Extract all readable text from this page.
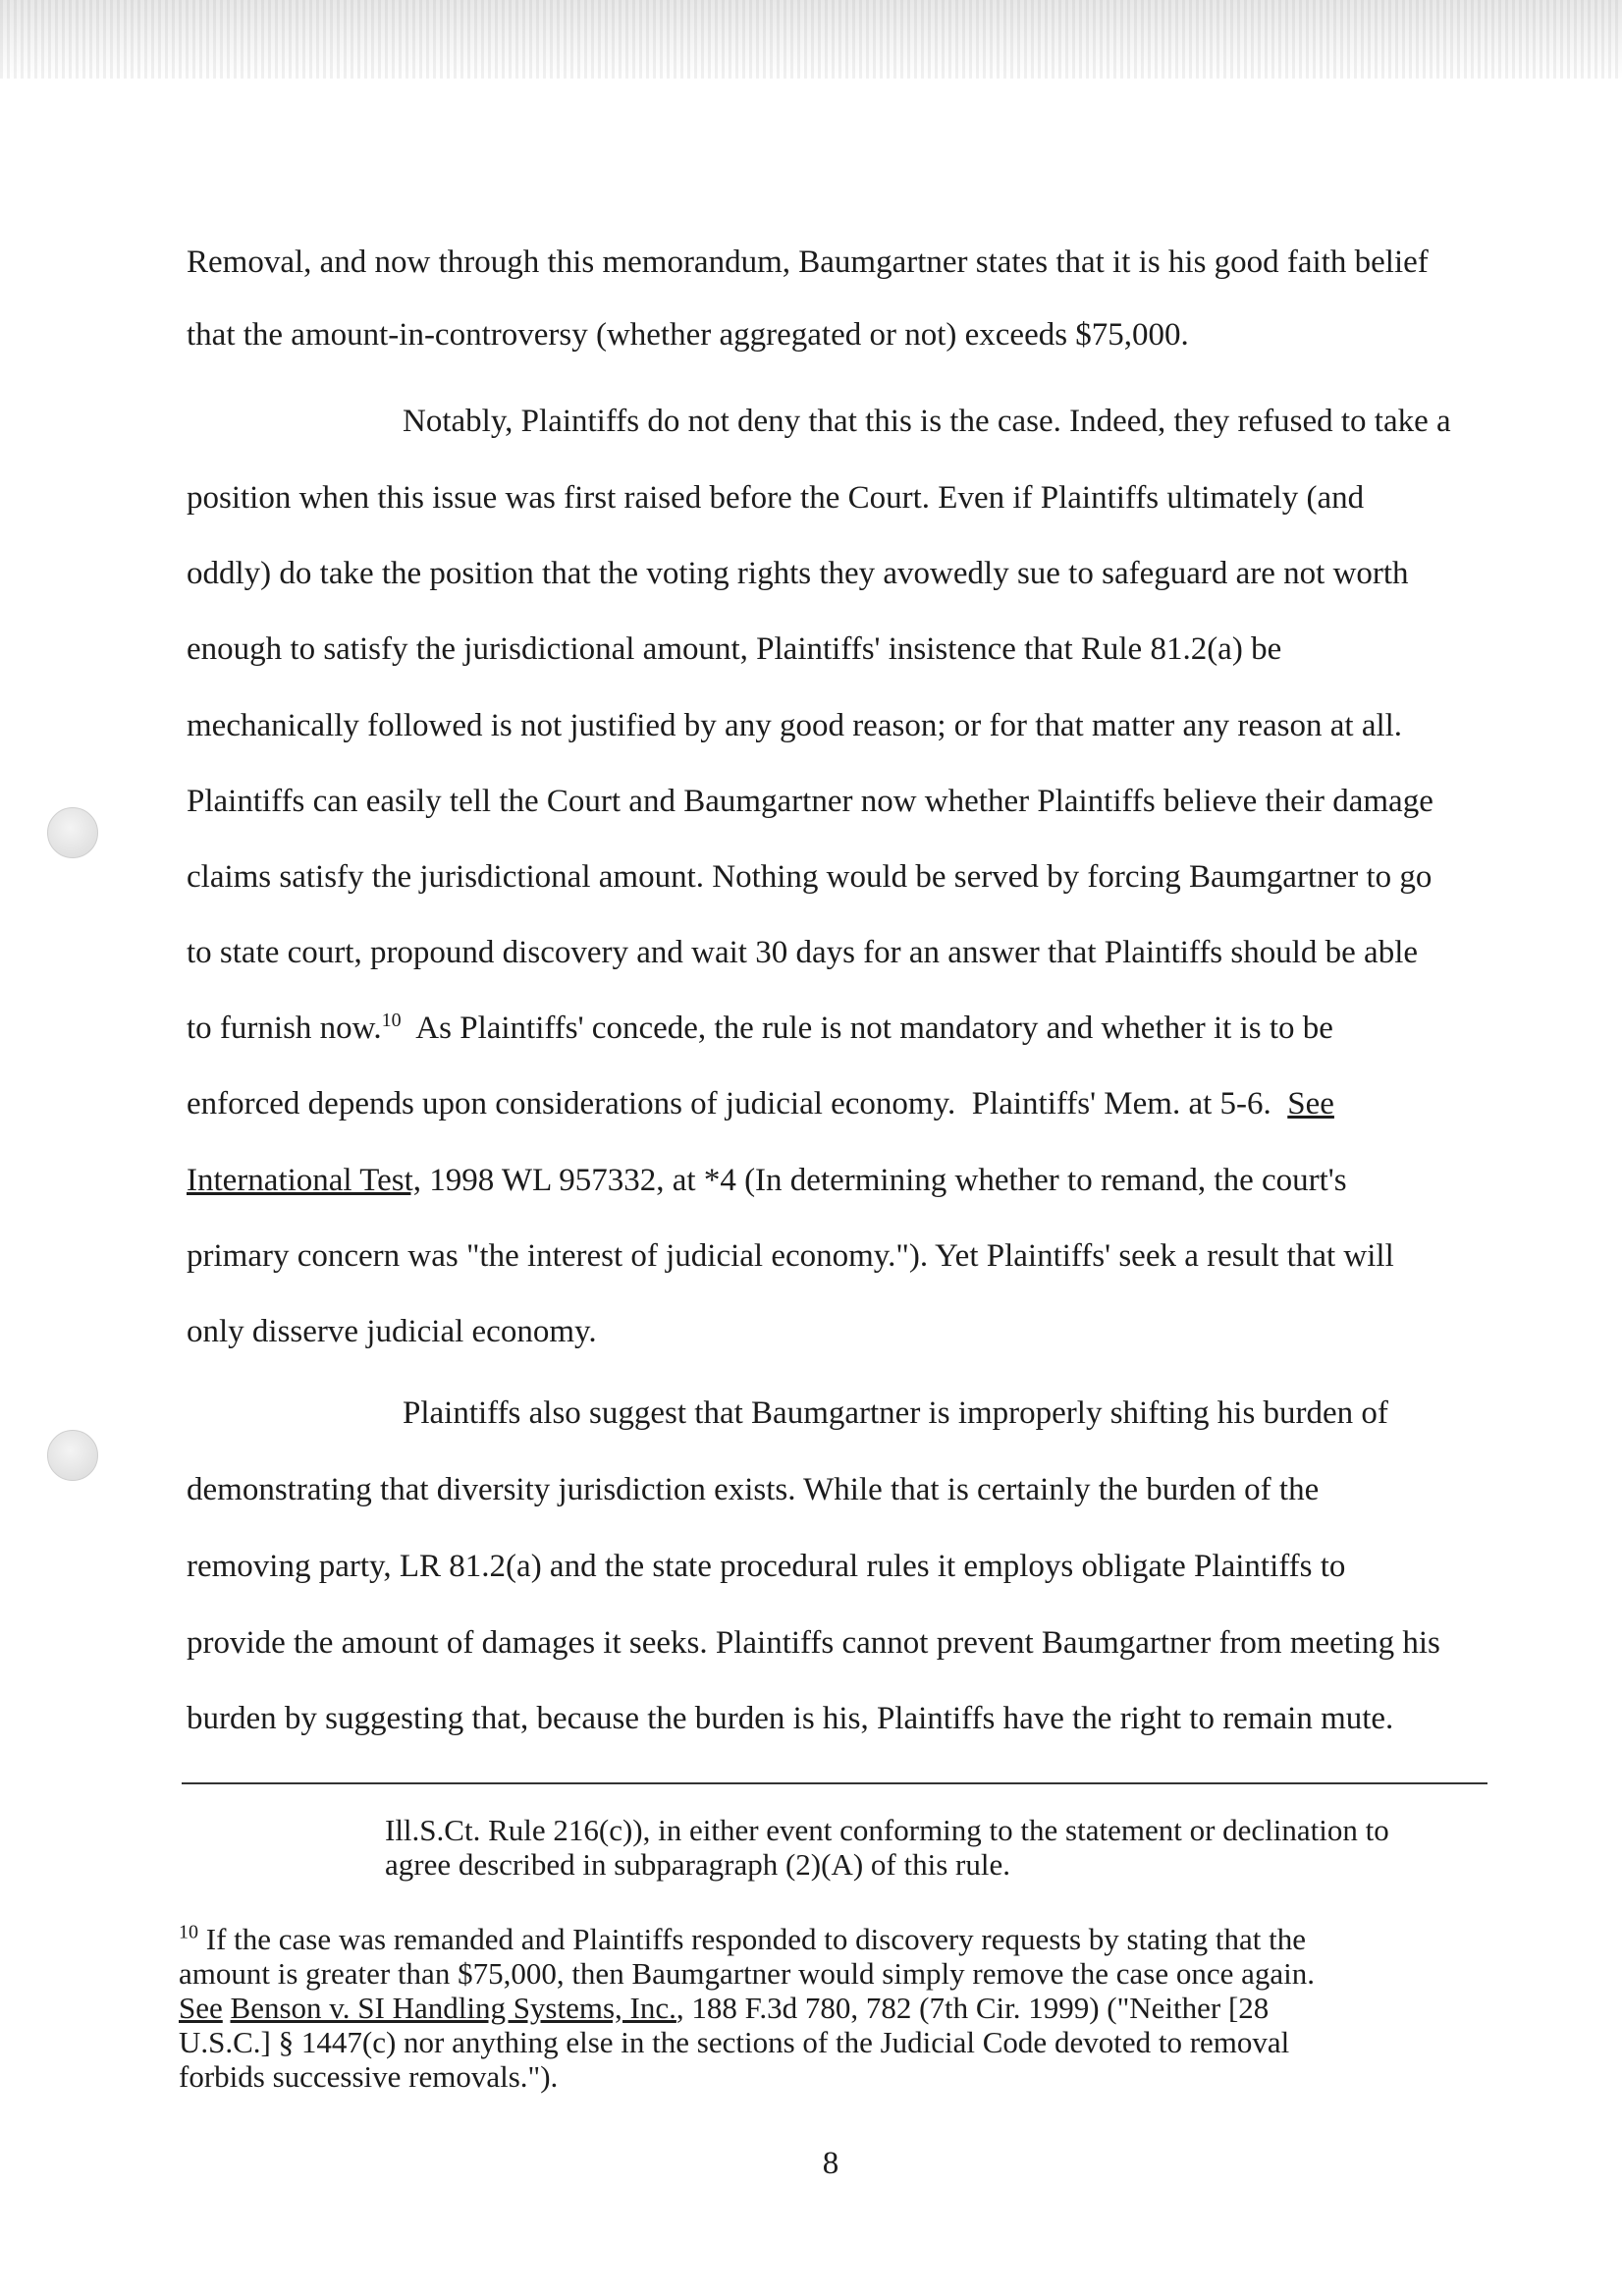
Removal, and now through this memorandum, Baumgartner states that it is his good faith belief
that the amount-in-controversy (whether aggregated or not) exceeds $75,000.
Notably, Plaintiffs do not deny that this is the case. Indeed, they refused to take a
position when this issue was first raised before the Court. Even if Plaintiffs ultimately (and
oddly) do take the position that the voting rights they avowedly sue to safeguard are not worth
enough to satisfy the jurisdictional amount, Plaintiffs' insistence that Rule 81.2(a) be
mechanically followed is not justified by any good reason; or for that matter any reason at all.
Plaintiffs can easily tell the Court and Baumgartner now whether Plaintiffs believe their damage
claims satisfy the jurisdictional amount. Nothing would be served by forcing Baumgartner to go
to state court, propound discovery and wait 30 days for an answer that Plaintiffs should be able
to furnish now.$^{10}$  As Plaintiffs' concede, the rule is not mandatory and whether it is to be
enforced depends upon considerations of judicial economy.  Plaintiffs' Mem. at 5-6.  See
International Test, 1998 WL 957332, at *4 (In determining whether to remand, the court's
primary concern was "the interest of judicial economy."). Yet Plaintiffs' seek a result that will
only disserve judicial economy.
Plaintiffs also suggest that Baumgartner is improperly shifting his burden of
demonstrating that diversity jurisdiction exists. While that is certainly the burden of the
removing party, LR 81.2(a) and the state procedural rules it employs obligate Plaintiffs to
provide the amount of damages it seeks. Plaintiffs cannot prevent Baumgartner from meeting his
burden by suggesting that, because the burden is his, Plaintiffs have the right to remain mute.
Ill.S.Ct. Rule 216(c)), in either event conforming to the statement or declination to
agree described in subparagraph (2)(A) of this rule.
$^{10}$ If the case was remanded and Plaintiffs responded to discovery requests by stating that the
amount is greater than $75,000, then Baumgartner would simply remove the case once again.
See Benson v. SI Handling Systems, Inc., 188 F.3d 780, 782 (7th Cir. 1999) ("Neither [28
U.S.C.] § 1447(c) nor anything else in the sections of the Judicial Code devoted to removal
forbids successive removals.").
8
